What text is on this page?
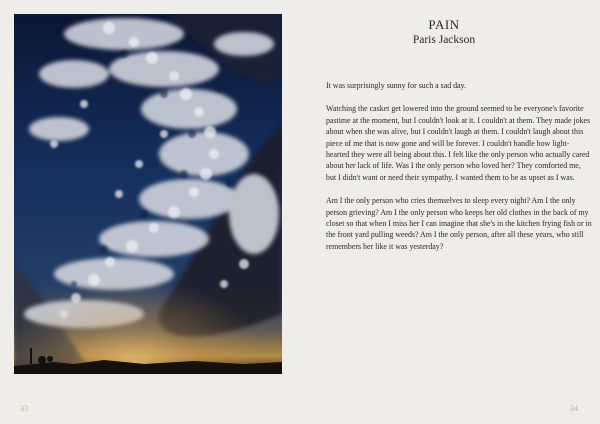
33
PAIN
Paris Jackson

It was surprisingly sunny for such a sad day.

Watching the casket get lowered into the ground seemed to be everyone's favorite pastime at the moment, but I couldn't look at it. I couldn't at them. They made jokes about when she was alive, but I couldn't laugh at them. I couldn't laugh about this piece of me that is now gone and will be forever. I couldn't handle how light-hearted they were all being about this. I felt like the only person who actually cared about her lack of life. Was I the only person who loved her? They comforted me, but I didn't want or need their sympathy. I wanted them to be as upset as I was.

Am I the only person who cries themselves to sleep every night? Am I the only person grieving? Am I the only person who keeps her old clothes in the back of my closet so that when I miss her I can imagine that she's in the kitchen frying fish or in the front yard pulling weeds? Am I the only person, after all these years, who still remembers her like it was yesterday?

34
